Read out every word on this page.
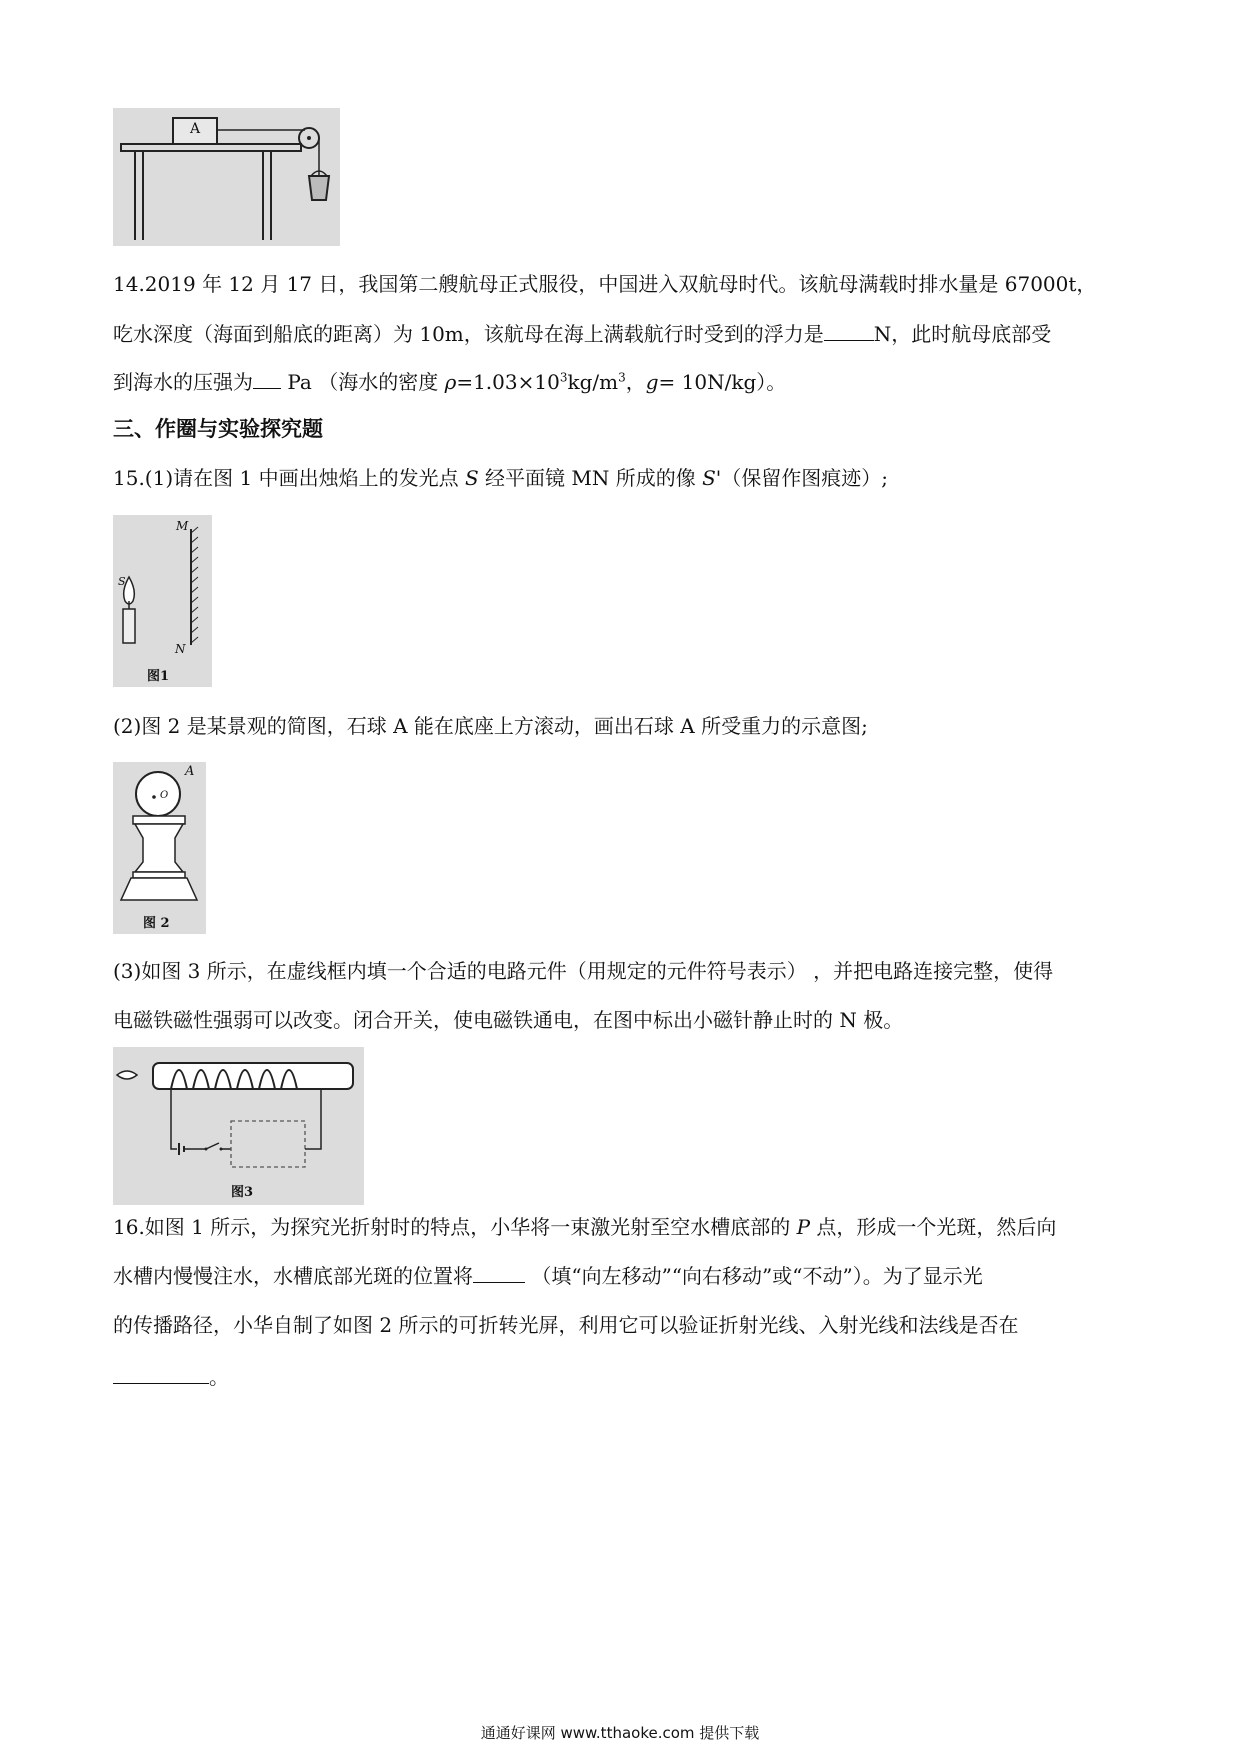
A
14.2019 年 12 月 17 日，我国第二艘航母正式服役，中国进入双航母时代。该航母满载时排水量是 67000t，
吃水深度（海面到船底的距离）为 10m，该航母在海上满载航行时受到的浮力是	N，此时航母底部受
到海水的压强为 Pa （海水的密度 $\rho=1.03\times 10^3kg/m^3$，g= 10N/kg）。
三、作圈与实验探究题
15.(1)请在图 1 中画出烛焰上的发光点 S 经平面镜 MN 所成的像 S'（保留作图痕迹）;
M
N
S
图1
(2)图 2 是某景观的简图，石球 A 能在底座上方滚动，画出石球 A 所受重力的示意图;
A
O
图 2
(3)如图 3 所示，在虚线框内填一个合适的电路元件（用规定的元件符号表示） ，并把电路连接完整，使得
电磁铁磁性强弱可以改变。闭合开关，使电磁铁通电，在图中标出小磁针静止时的 N 极。
图3
16.如图 1 所示，为探究光折射时的特点，小华将一束激光射至空水槽底部的 P 点，形成一个光斑，然后向
水槽内慢慢注水，水槽底部光斑的位置将	（填“向左移动”“向右移动”或“不动”）。为了显示光
的传播路径，小华自制了如图 2 所示的可折转光屏，利用它可以验证折射光线、入射光线和法线是否在
。
通通好课网 www.tthaoke.com 提供下载
